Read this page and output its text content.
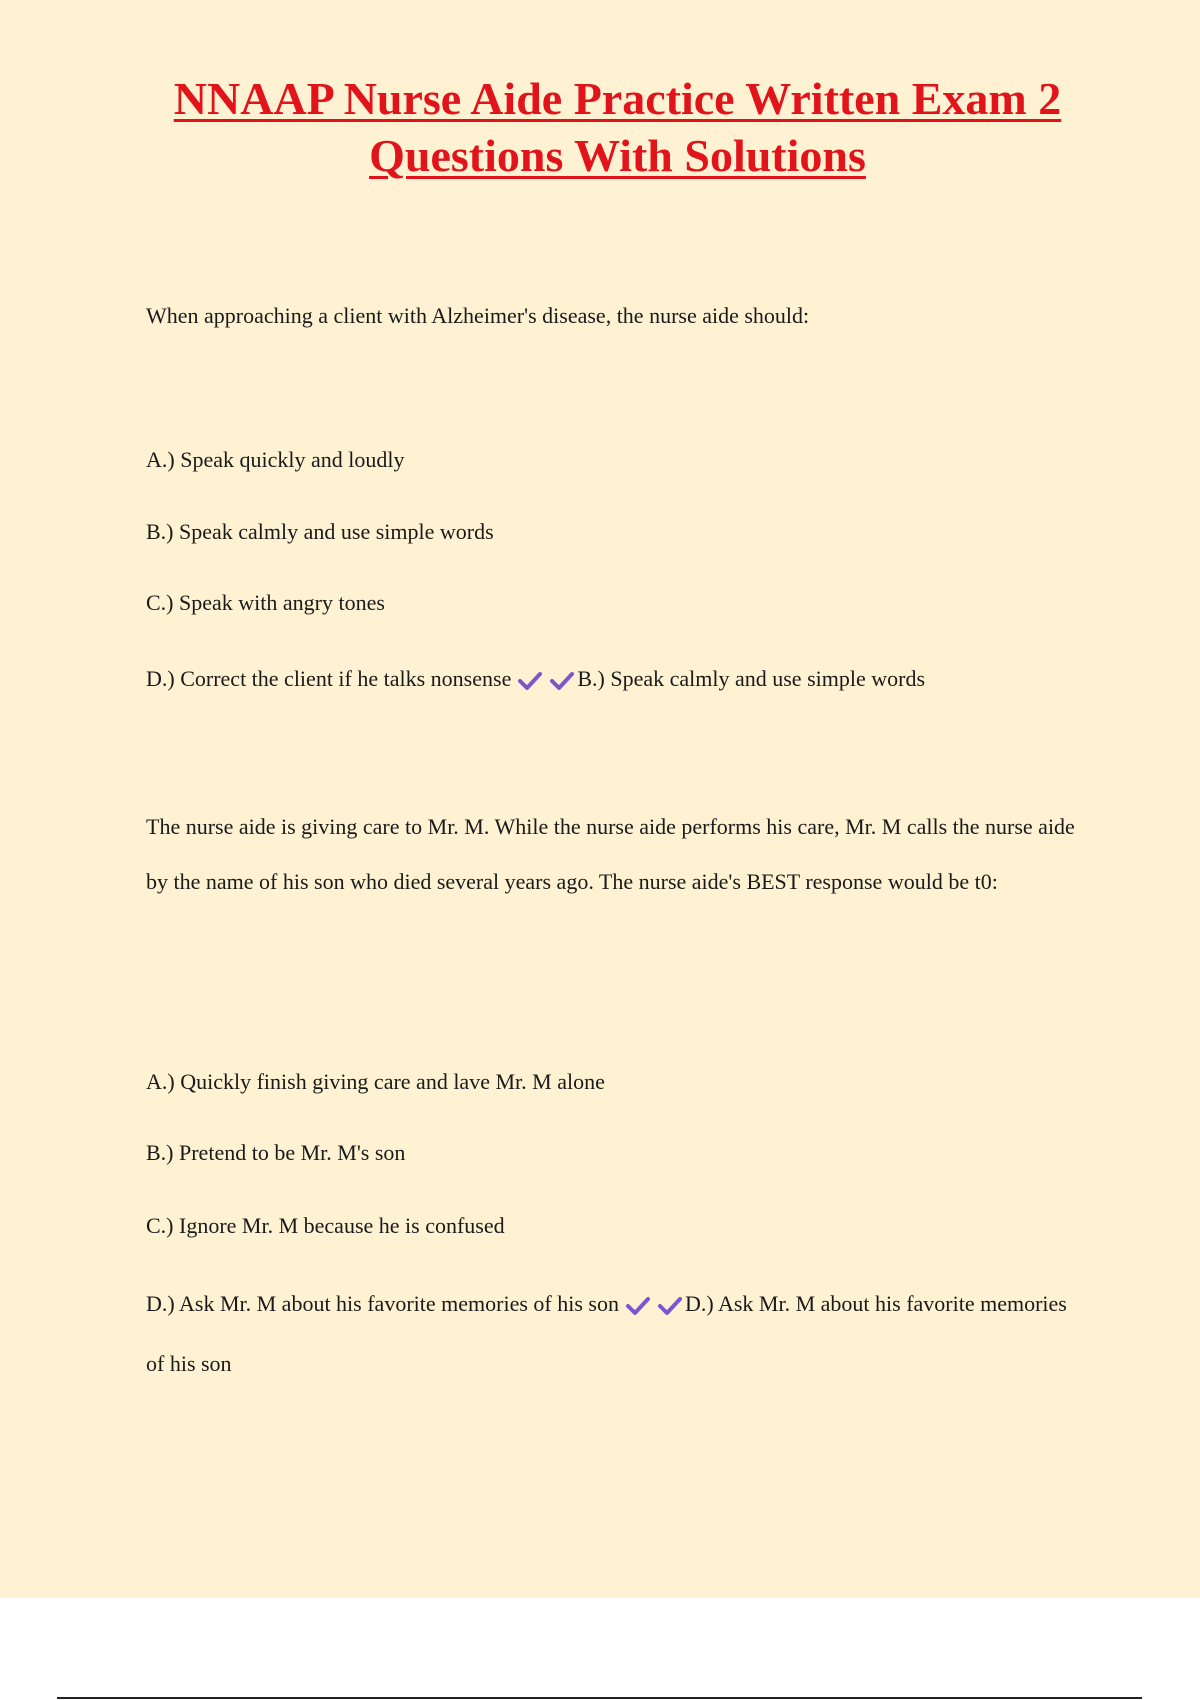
NNAAP Nurse Aide Practice Written Exam 2 Questions With Solutions

When approaching a client with Alzheimer's disease, the nurse aide should:

A.) Speak quickly and loudly

B.) Speak calmly and use simple words

C.) Speak with angry tones

D.) Correct the client if he talks nonsense	B.) Speak calmly and use simple words

The nurse aide is giving care to Mr. M. While the nurse aide performs his care, Mr. M calls the nurse aide by the name of his son who died several years ago. The nurse aide's BEST response would be t0:

A.) Quickly finish giving care and lave Mr. M alone

B.) Pretend to be Mr. M's son

C.) Ignore Mr. M because he is confused

D.) Ask Mr. M about his favorite memories of his son	D.) Ask Mr. M about his favorite memories of his son
